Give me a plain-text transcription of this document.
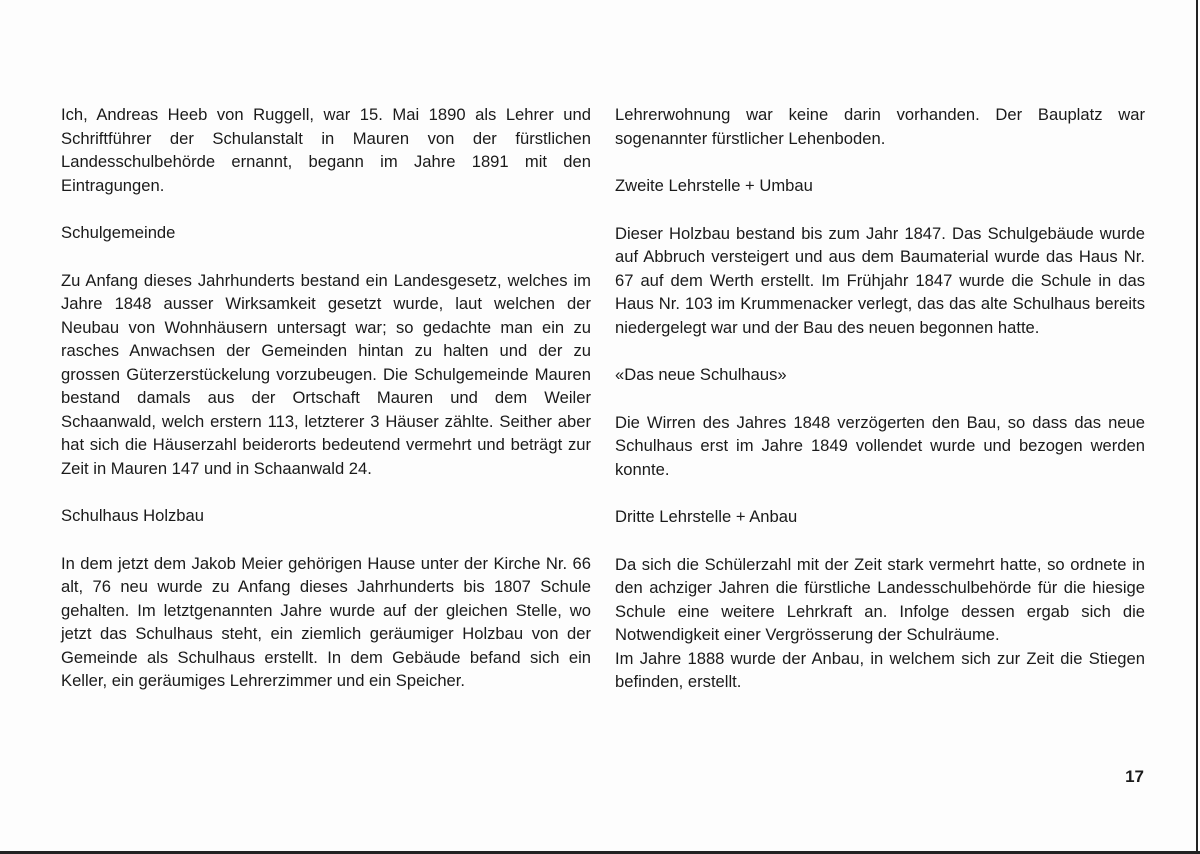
Ich, Andreas Heeb von Ruggell, war 15. Mai 1890 als Lehrer und Schriftführer der Schulanstalt in Mauren von der fürstlichen Landesschulbehörde ernannt, begann im Jahre 1891 mit den Eintragungen.

Schulgemeinde

Zu Anfang dieses Jahrhunderts bestand ein Landesgesetz, welches im Jahre 1848 ausser Wirksamkeit gesetzt wurde, laut welchen der Neubau von Wohnhäusern untersagt war; so gedachte man ein zu rasches Anwachsen der Gemeinden hintan zu halten und der zu grossen Güterzerstückelung vorzubeugen. Die Schulgemeinde Mauren bestand damals aus der Ortschaft Mauren und dem Weiler Schaanwald, welch erstern 113, letzterer 3 Häuser zählte. Seither aber hat sich die Häuserzahl beiderorts bedeutend vermehrt und beträgt zur Zeit in Mauren 147 und in Schaanwald 24.

Schulhaus Holzbau

In dem jetzt dem Jakob Meier gehörigen Hause unter der Kirche Nr. 66 alt, 76 neu wurde zu Anfang dieses Jahrhunderts bis 1807 Schule gehalten. Im letztgenannten Jahre wurde auf der gleichen Stelle, wo jetzt das Schulhaus steht, ein ziemlich geräumiger Holzbau von der Gemeinde als Schulhaus erstellt. In dem Gebäude befand sich ein Keller, ein geräumiges Lehrerzimmer und ein Speicher.

Lehrerwohnung war keine darin vorhanden. Der Bauplatz war sogenannter fürstlicher Lehenboden.

Zweite Lehrstelle + Umbau

Dieser Holzbau bestand bis zum Jahr 1847. Das Schulgebäude wurde auf Abbruch versteigert und aus dem Baumaterial wurde das Haus Nr. 67 auf dem Werth erstellt. Im Frühjahr 1847 wurde die Schule in das Haus Nr. 103 im Krummenacker verlegt, das das alte Schulhaus bereits niedergelegt war und der Bau des neuen begonnen hatte.

«Das neue Schulhaus»

Die Wirren des Jahres 1848 verzögerten den Bau, so dass das neue Schulhaus erst im Jahre 1849 vollendet wurde und bezogen werden konnte.

Dritte Lehrstelle + Anbau

Da sich die Schülerzahl mit der Zeit stark vermehrt hatte, so ordnete in den achziger Jahren die fürstliche Landesschulbehörde für die hiesige Schule eine weitere Lehrkraft an. Infolge dessen ergab sich die Notwendigkeit einer Vergrösserung der Schulräume.

Im Jahre 1888 wurde der Anbau, in welchem sich zur Zeit die Stiegen befinden, erstellt.

17
